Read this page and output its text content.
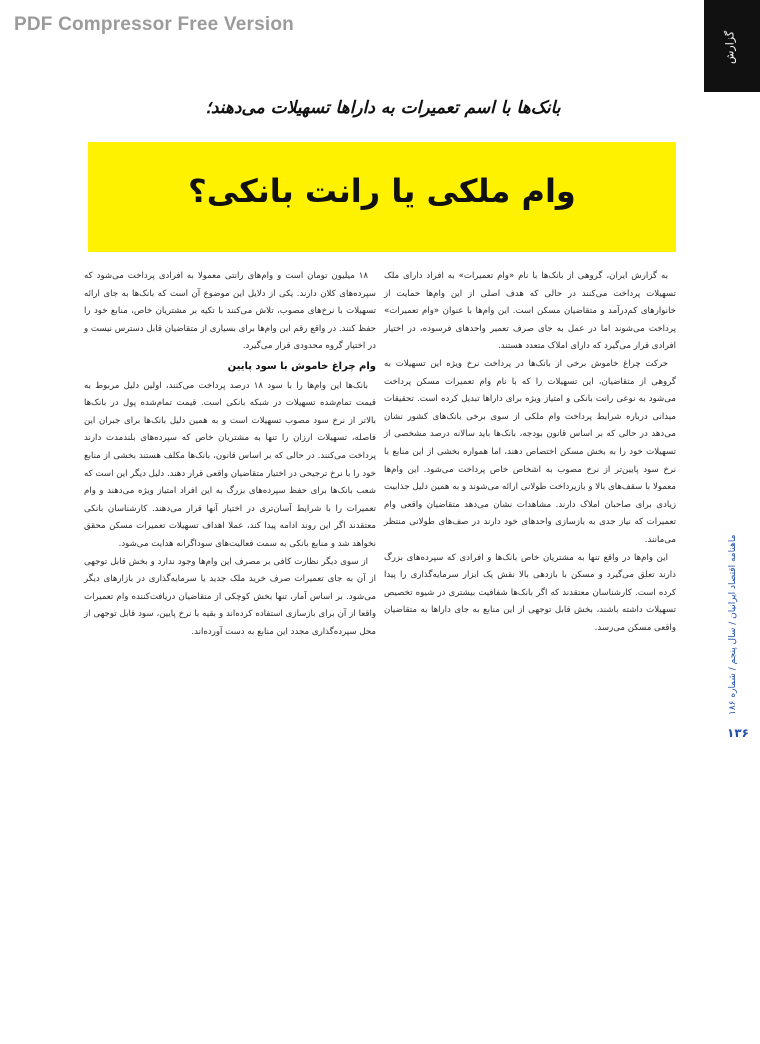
PDF Compressor Free Version
گزارش
ماهنامه اقتصاد ایرانیان / سال پنجم / شماره ۱۸۶
۱۳۶
بانک‌ها با اسم تعمیرات به دارا‌ها تسهیلات می‌دهند؛
وام ملکی یا رانت بانکی؟

به گزارش ایران، گروهی از بانک‌ها با نام «وام تعمیرات» به افراد دارای ملک تسهیلات پرداخت می‌کنند در حالی که هدف اصلی از این وام‌ها حمایت از خانوارهای کم‌درآمد و متقاضیان مسکن است. این وام‌ها با عنوان «وام تعمیرات» پرداخت می‌شوند اما در عمل به جای صرف تعمیر واحدهای فرسوده، در اختیار افرادی قرار می‌گیرد که دارای املاک متعدد هستند.

حرکت چراغ خاموش برخی از بانک‌ها در پرداخت نرخ ویژه این تسهیلات به گروهی از متقاضیان، این تسهیلات را که با نام وام تعمیرات مسکن پرداخت می‌شود به نوعی رانت بانکی و امتیاز ویژه برای دارا‌ها تبدیل کرده است. تحقیقات میدانی درباره شرایط پرداخت وام ملکی از سوی برخی بانک‌های کشور نشان می‌دهد در حالی که بر اساس قانون بودجه، بانک‌ها باید سالانه درصد مشخصی از تسهیلات خود را به بخش مسکن اختصاص دهند، اما همواره بخشی از این منابع با نرخ سود پایین‌تر از نرخ مصوب به اشخاص خاص پرداخت می‌شود. این وام‌ها معمولا با سقف‌های بالا و بازپرداخت طولانی ارائه می‌شوند و به همین دلیل جذابیت زیادی برای صاحبان املاک دارند. مشاهدات نشان می‌دهد متقاضیان واقعی وام تعمیرات که نیاز جدی به بازسازی واحدهای خود دارند در صف‌های طولانی منتظر می‌مانند.

این وام‌ها در واقع تنها به مشتریان خاص بانک‌ها و افرادی که سپرده‌های بزرگ دارند تعلق می‌گیرد و مسکن با بازدهی بالا نقش یک ابزار سرمایه‌گذاری را پیدا کرده است. کارشناسان معتقدند که اگر بانک‌ها شفافیت بیشتری در شیوه تخصیص تسهیلات داشته باشند، بخش قابل توجهی از این منابع به جای دارا‌ها به متقاضیان واقعی مسکن می‌رسد.

۱۸ میلیون تومان است و وام‌های رانتی معمولا به افرادی پرداخت می‌شود که سپرده‌های کلان دارند. یکی از دلایل این موضوع آن است که بانک‌ها به جای ارائه تسهیلات با نرخ‌های مصوب، تلاش می‌کنند با تکیه بر مشتریان خاص، منابع خود را حفظ کنند. در واقع رقم این وام‌ها برای بسیاری از متقاضیان قابل دسترس نیست و در اختیار گروه محدودی قرار می‌گیرد.

وام چراغ خاموش با سود پایین

بانک‌ها این وام‌ها را با سود ۱۸ درصد پرداخت می‌کنند، اولین دلیل مربوط به قیمت تمام‌شده تسهیلات در شبکه بانکی است. قیمت تمام‌شده پول در بانک‌ها بالاتر از نرخ سود مصوب تسهیلات است و به همین دلیل بانک‌ها برای جبران این فاصله، تسهیلات ارزان را تنها به مشتریان خاص که سپرده‌های بلندمدت دارند پرداخت می‌کنند. در حالی که بر اساس قانون، بانک‌ها مکلف هستند بخشی از منابع خود را با نرخ ترجیحی در اختیار متقاضیان واقعی قرار دهند. دلیل دیگر این است که شعب بانک‌ها برای حفظ سپرده‌های بزرگ به این افراد امتیاز ویژه می‌دهند و وام تعمیرات را با شرایط آسان‌تری در اختیار آنها قرار می‌دهند. کارشناسان بانکی معتقدند اگر این روند ادامه پیدا کند، عملا اهداف تسهیلات تعمیرات مسکن محقق نخواهد شد و منابع بانکی به سمت فعالیت‌های سوداگرانه هدایت می‌شود.

از سوی دیگر نظارت کافی بر مصرف این وام‌ها وجود ندارد و بخش قابل توجهی از آن به جای تعمیرات صرف خرید ملک جدید یا سرمایه‌گذاری در بازارهای دیگر می‌شود. بر اساس آمار، تنها بخش کوچکی از متقاضیان دریافت‌کننده وام تعمیرات واقعا از آن برای بازسازی استفاده کرده‌اند و بقیه با نرخ پایین، سود قابل توجهی از محل سپرده‌گذاری مجدد این منابع به دست آورده‌اند.
